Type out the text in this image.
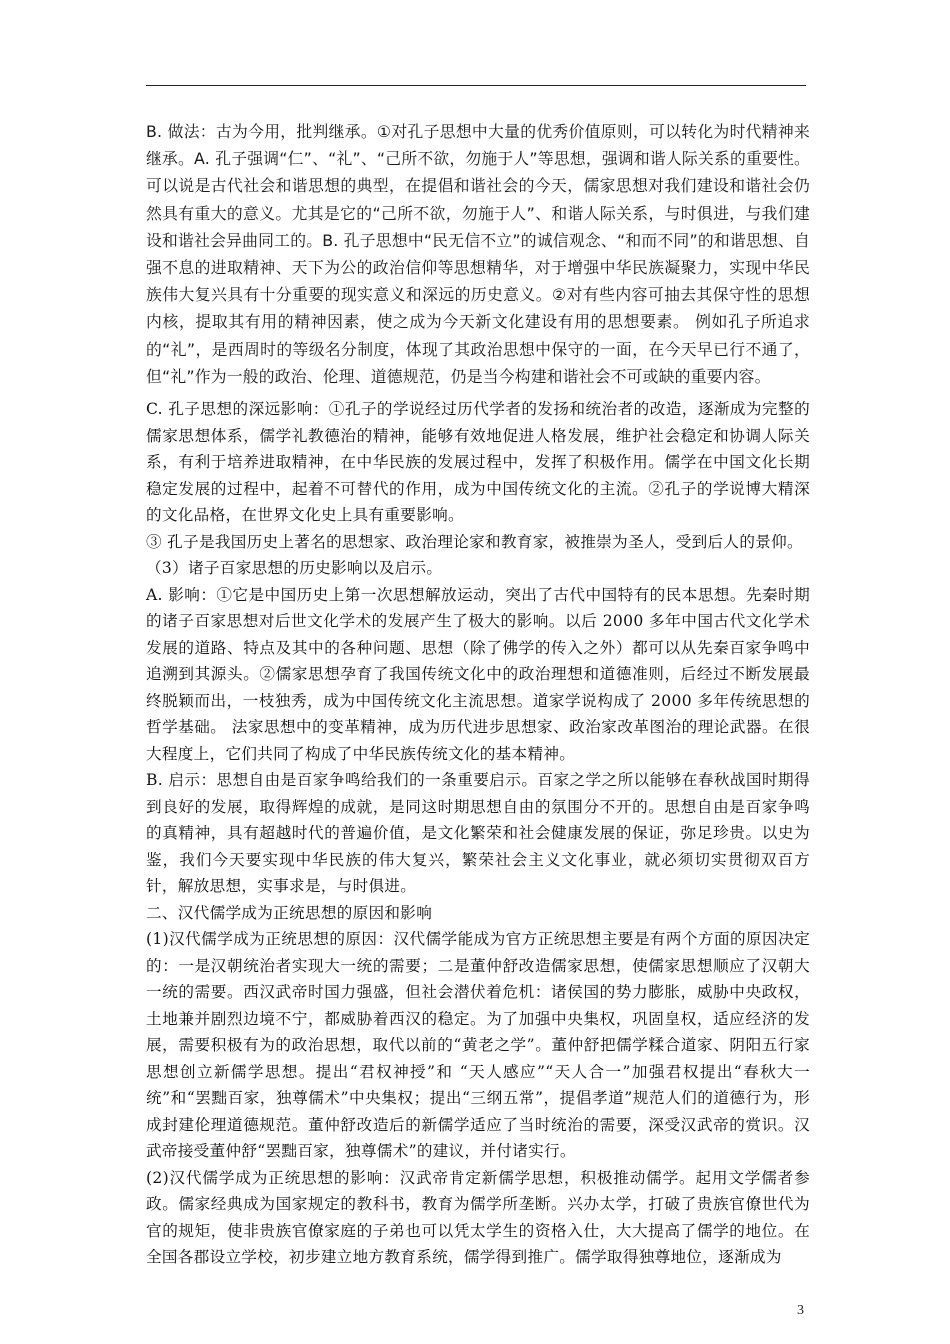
B. 做法：古为今用，批判继承。①对孔子思想中大量的优秀价值原则，可以转化为时代精神来继承。A. 孔子强调“仁”、“礼”、“己所不欲，勿施于人”等思想，强调和谐人际关系的重要性。可以说是古代社会和谐思想的典型，在提倡和谐社会的今天，儒家思想对我们建设和谐社会仍然具有重大的意义。尤其是它的“己所不欲，勿施于人”、和谐人际关系，与时俱进，与我们建设和谐社会异曲同工的。B. 孔子思想中“民无信不立”的诚信观念、“和而不同”的和谐思想、自强不息的进取精神、天下为公的政治信仰等思想精华，对于增强中华民族凝聚力，实现中华民族伟大复兴具有十分重要的现实意义和深远的历史意义。②对有些内容可抽去其保守性的思想内核，提取其有用的精神因素，使之成为今天新文化建设有用的思想要素。 例如孔子所追求的“礼”，是西周时的等级名分制度，体现了其政治思想中保守的一面，在今天早已行不通了，但“礼”作为一般的政治、伦理、道德规范，仍是当今构建和谐社会不可或缺的重要内容。

C. 孔子思想的深远影响：①孔子的学说经过历代学者的发扬和统治者的改造，逐渐成为完整的儒家思想体系，儒学礼教德治的精神，能够有效地促进人格发展，维护社会稳定和协调人际关系，有利于培养进取精神，在中华民族的发展过程中，发挥了积极作用。儒学在中国文化长期稳定发展的过程中，起着不可替代的作用，成为中国传统文化的主流。②孔子的学说博大精深的文化品格，在世界文化史上具有重要影响。

③ 孔子是我国历史上著名的思想家、政治理论家和教育家，被推崇为圣人，受到后人的景仰。

（3）诸子百家思想的历史影响以及启示。

A. 影响：①它是中国历史上第一次思想解放运动，突出了古代中国特有的民本思想。先秦时期的诸子百家思想对后世文化学术的发展产生了极大的影响。以后 2000 多年中国古代文化学术发展的道路、特点及其中的各种问题、思想（除了佛学的传入之外）都可以从先秦百家争鸣中追溯到其源头。②儒家思想孕育了我国传统文化中的政治理想和道德准则，后经过不断发展最终脱颖而出，一枝独秀，成为中国传统文化主流思想。道家学说构成了 2000 多年传统思想的哲学基础。 法家思想中的变革精神，成为历代进步思想家、政治家改革图治的理论武器。在很大程度上，它们共同了构成了中华民族传统文化的基本精神。

B. 启示：思想自由是百家争鸣给我们的一条重要启示。百家之学之所以能够在春秋战国时期得到良好的发展，取得辉煌的成就，是同这时期思想自由的氛围分不开的。思想自由是百家争鸣的真精神，具有超越时代的普遍价值，是文化繁荣和社会健康发展的保证，弥足珍贵。以史为鉴，我们今天要实现中华民族的伟大复兴，繁荣社会主义文化事业，就必须切实贯彻双百方针，解放思想，实事求是，与时俱进。

二、汉代儒学成为正统思想的原因和影响

(1)汉代儒学成为正统思想的原因：汉代儒学能成为官方正统思想主要是有两个方面的原因决定的：一是汉朝统治者实现大一统的需要；二是董仲舒改造儒家思想，使儒家思想顺应了汉朝大一统的需要。西汉武帝时国力强盛，但社会潜伏着危机：诸侯国的势力膨胀，威胁中央政权，土地兼并剧烈边境不宁，都威胁着西汉的稳定。为了加强中央集权，巩固皇权，适应经济的发展，需要积极有为的政治思想，取代以前的“黄老之学”。董仲舒把儒学糅合道家、阴阳五行家思想创立新儒学思想。提出“君权神授”和 “天人感应”“天人合一”加强君权提出“春秋大一统”和“罢黜百家，独尊儒术”中央集权；提出“三纲五常”，提倡孝道”规范人们的道德行为，形成封建伦理道德规范。董仲舒改造后的新儒学适应了当时统治的需要，深受汉武帝的赏识。汉武帝接受董仲舒“罢黜百家，独尊儒术”的建议，并付诸实行。

(2)汉代儒学成为正统思想的影响：汉武帝肯定新儒学思想，积极推动儒学。起用文学儒者参政。儒家经典成为国家规定的教科书，教育为儒学所垄断。兴办太学，打破了贵族官僚世代为官的规矩，使非贵族官僚家庭的子弟也可以凭太学生的资格入仕，大大提高了儒学的地位。在全国各郡设立学校，初步建立地方教育系统，儒学得到推广。儒学取得独尊地位，逐渐成为

3
